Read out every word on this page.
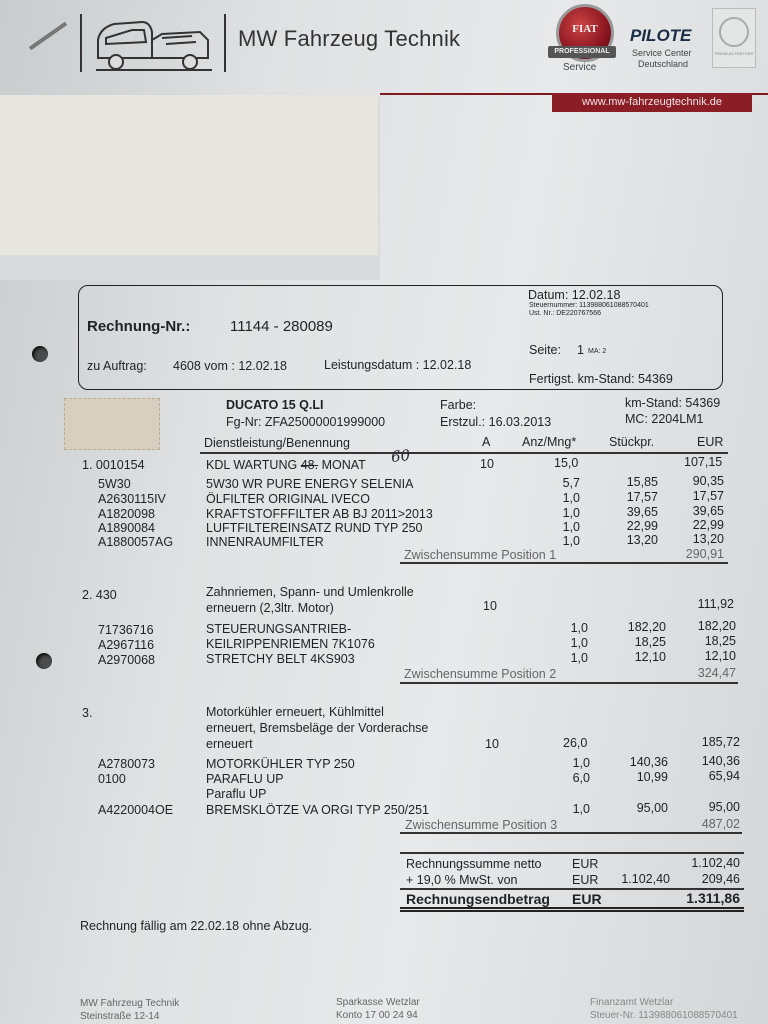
MW Fahrzeug Technik	FIAT
PROFESSIONAL
Service
PILOTE
Service Center
Deutschland
PREMIUM PARTNER
www.mw-fahrzeugtechnik.de
Datum: 12.02.18
Steuernummer: 113988061088570401
Ust. Nr.: DE220767566
Rechnung-Nr.:	11144 - 280089
Seite: 1 MA: 2
zu Auftrag: 4608 vom : 12.02.18	Leistungsdatum : 12.02.18
Fertigst. km-Stand: 54369
DUCATO 15 Q.LI
Fg-Nr: ZFA25000001999000
Farbe:
Erstzul.: 16.03.2013
km-Stand: 54369
MC: 2204LM1
Dienstleistung/Benennung	A	Anz/Mng*	Stückpr.	EUR
1. 0010154	KDL WARTUNG 48. MONAT 60	10	15,0	107,15
5W30	5W30 WR PURE ENERGY SELENIA	5,7	15,85	90,35
A2630115IV	ÖLFILTER ORIGINAL IVECO	1,0	17,57	17,57
A1820098	KRAFTSTOFFFILTER AB BJ 2011>2013	1,0	39,65	39,65
A1890084	LUFTFILTEREINSATZ RUND TYP 250	1,0	22,99	22,99
A1880057AG	INNENRAUMFILTER	1,0	13,20	13,20
Zwischensumme Position 1	290,91
2. 430	Zahnriemen, Spann- und Umlenkrolle
erneuern (2,3ltr. Motor)	10	111,92
71736716	STEUERUNGSANTRIEB-	1,0	182,20	182,20
A2967116	KEILRIPPENRIEMEN 7K1076	1,0	18,25	18,25
A2970068	STRETCHY BELT 4KS903	1,0	12,10	12,10
Zwischensumme Position 2	324,47
3.	Motorkühler erneuert, Kühlmittel
erneuert, Bremsbeläge der Vorderachse
erneuert	10	26,0	185,72
A2780073	MOTORKÜHLER TYP 250	1,0	140,36	140,36
0100	PARAFLU UP	6,0	10,99	65,94
Paraflu UP
A4220004OE	BREMSKLÖTZE VA ORGI TYP 250/251	1,0	95,00	95,00
Zwischensumme Position 3	487,02
Rechnungssumme netto EUR	1.102,40
+ 19,0 % MwSt. von	EUR	1.102,40	209,46
Rechnungsendbetrag EUR	1.311,86
Rechnung fällig am 22.02.18 ohne Abzug.
MW Fahrzeug Technik
Steinstraße 12-14
Sparkasse Wetzlar
Konto 17 00 24 94
Finanzamt Wetzlar
Steuer-Nr. 113988061088570401
